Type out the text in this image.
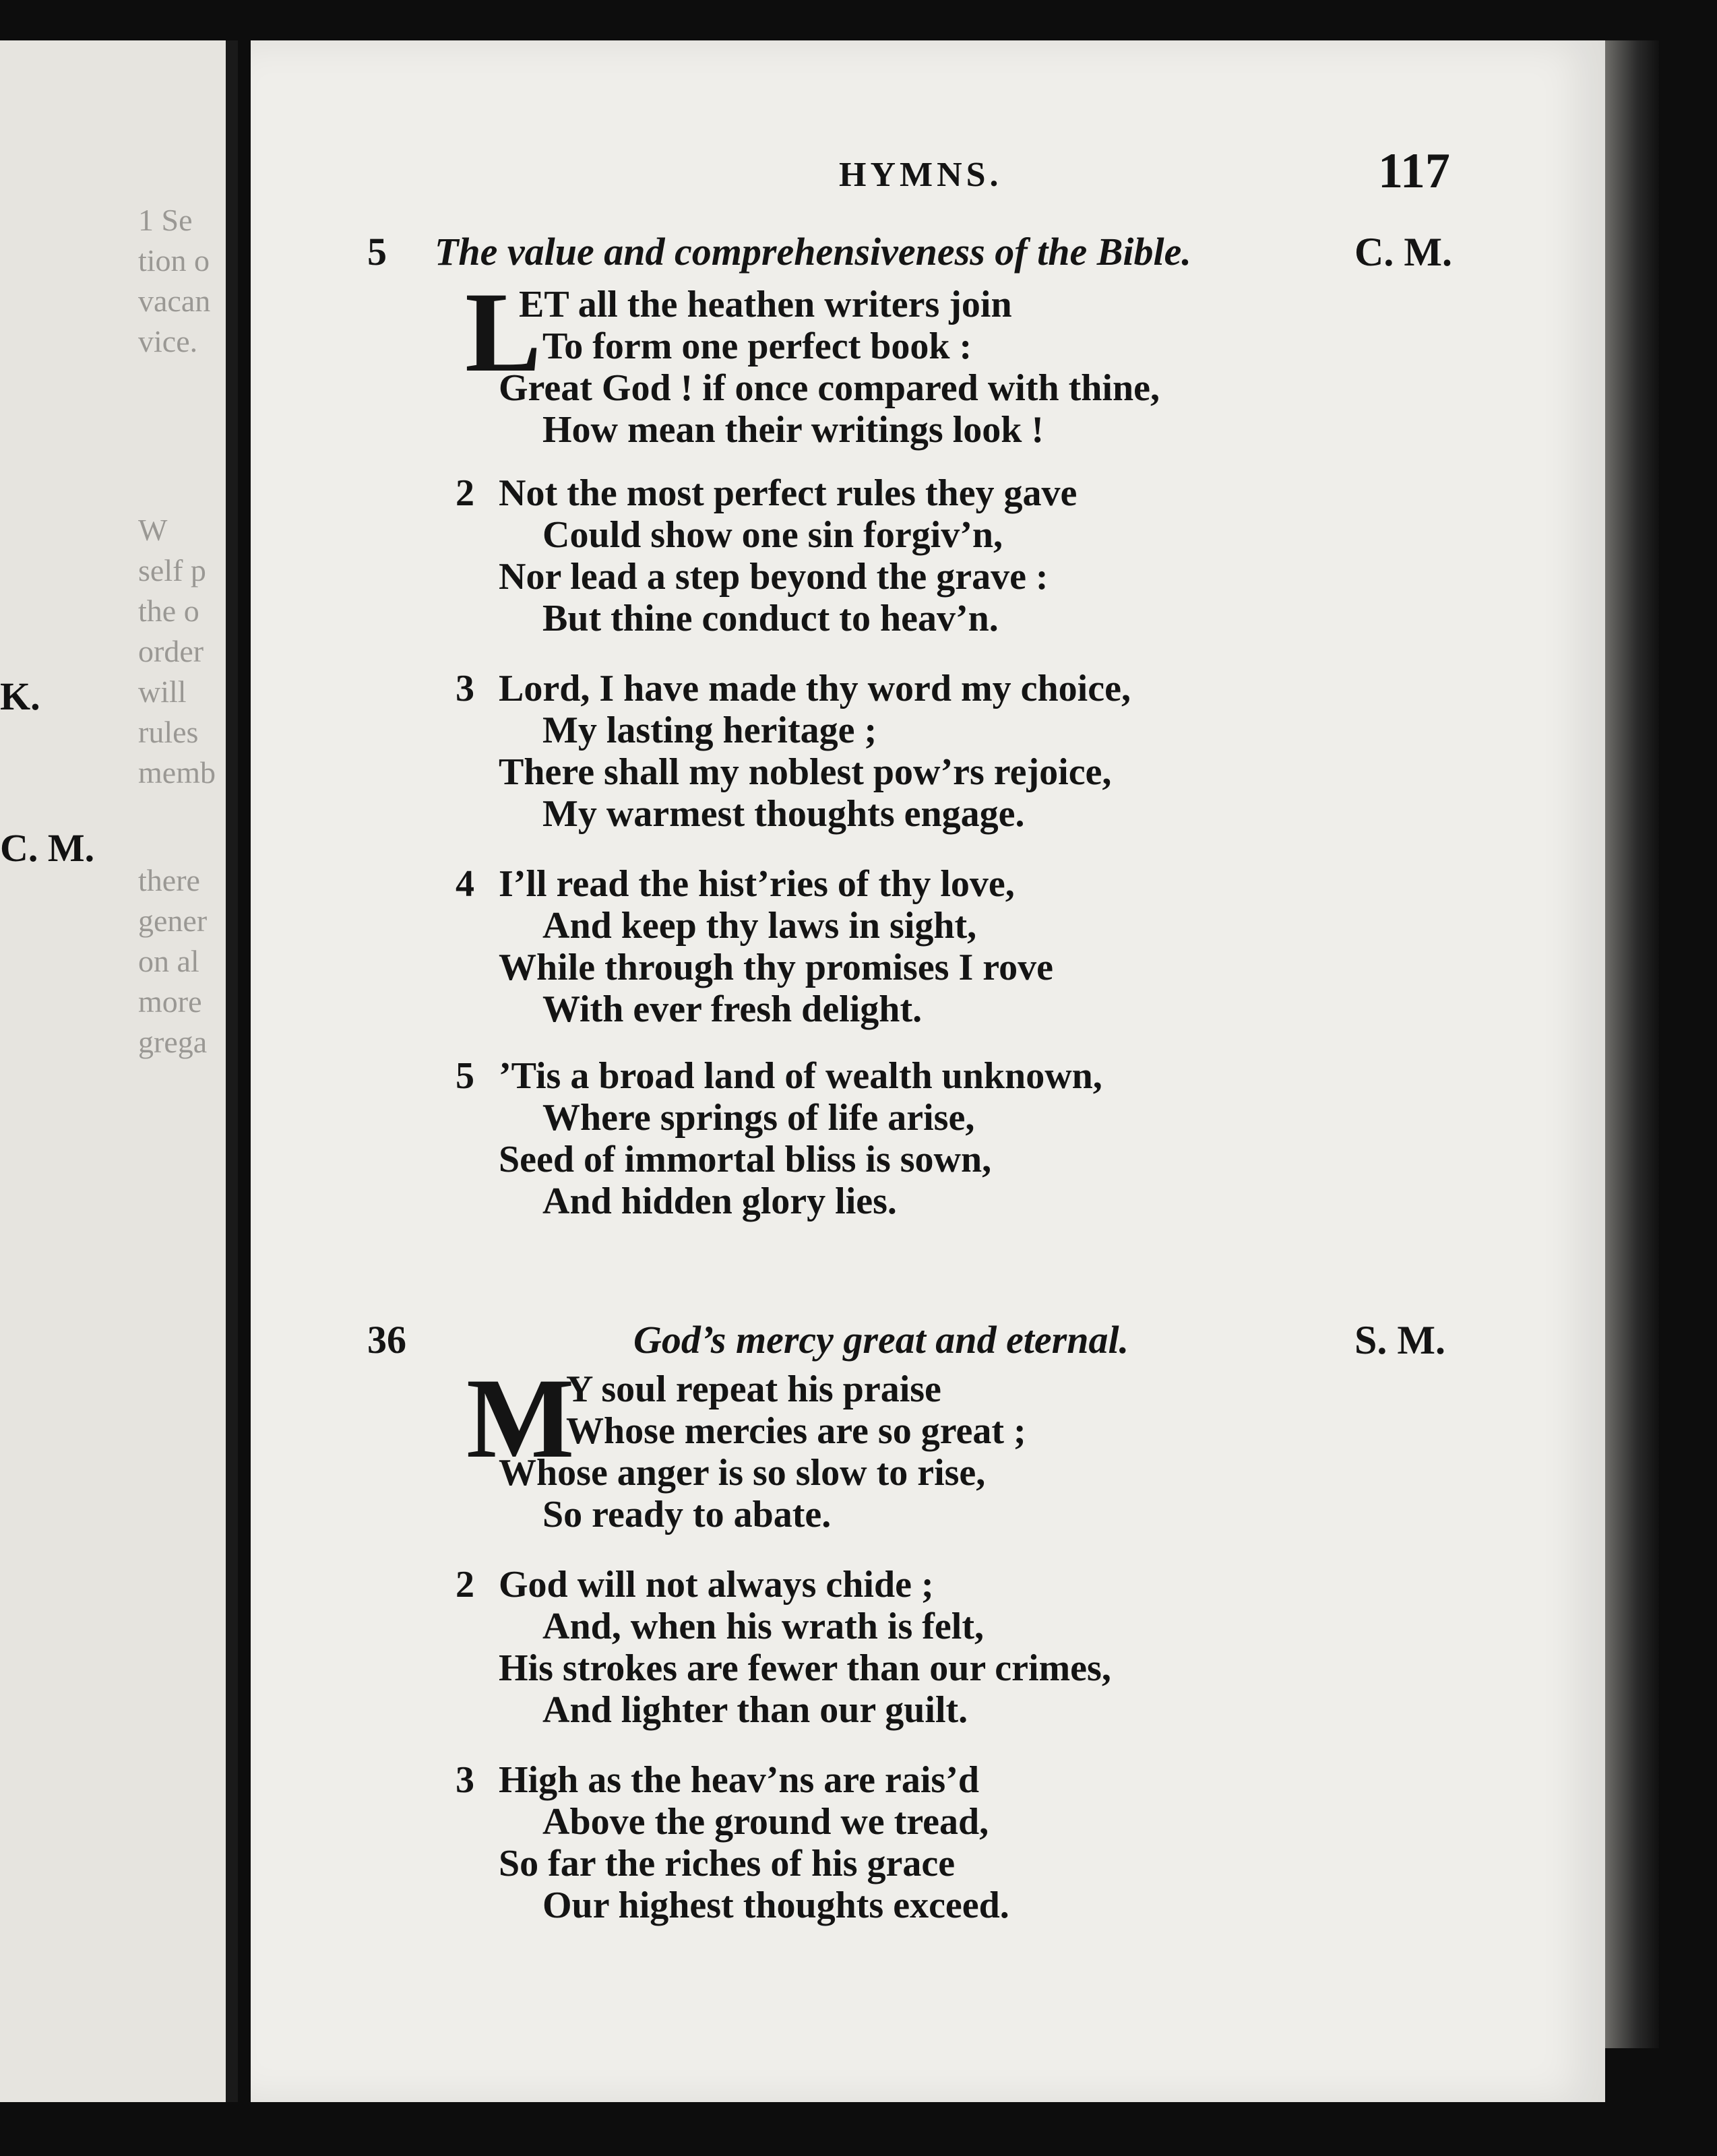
1 Se
tion o
vacan
vice.
W
self p
the o
order
K.	will
rules
memb
C. M.
there
gener
on al
more
grega
HYMNS.	117
5 The value and comprehensiveness of the Bible.	C. M.
L
ET all the heathen writers join
To form one perfect book :
Great God ! if once compared with thine,
How mean their writings look !
2 Not the most perfect rules they gave
Could show one sin forgiv’n,
Nor lead a step beyond the grave :
But thine conduct to heav’n.
3 Lord, I have made thy word my choice,
My lasting heritage ;
There shall my noblest pow’rs rejoice,
My warmest thoughts engage.
4 I’ll read the hist’ries of thy love,
And keep thy laws in sight,
While through thy promises I rove
With ever fresh delight.
5 ’Tis a broad land of wealth unknown,
Where springs of life arise,
Seed of immortal bliss is sown,
And hidden glory lies.
36	God’s mercy great and eternal.	S. M.
M
Y soul repeat his praise
Whose mercies are so great ;
Whose anger is so slow to rise,
So ready to abate.
2 God will not always chide ;
And, when his wrath is felt,
His strokes are fewer than our crimes,
And lighter than our guilt.
3 High as the heav’ns are rais’d
Above the ground we tread,
So far the riches of his grace
Our highest thoughts exceed.
